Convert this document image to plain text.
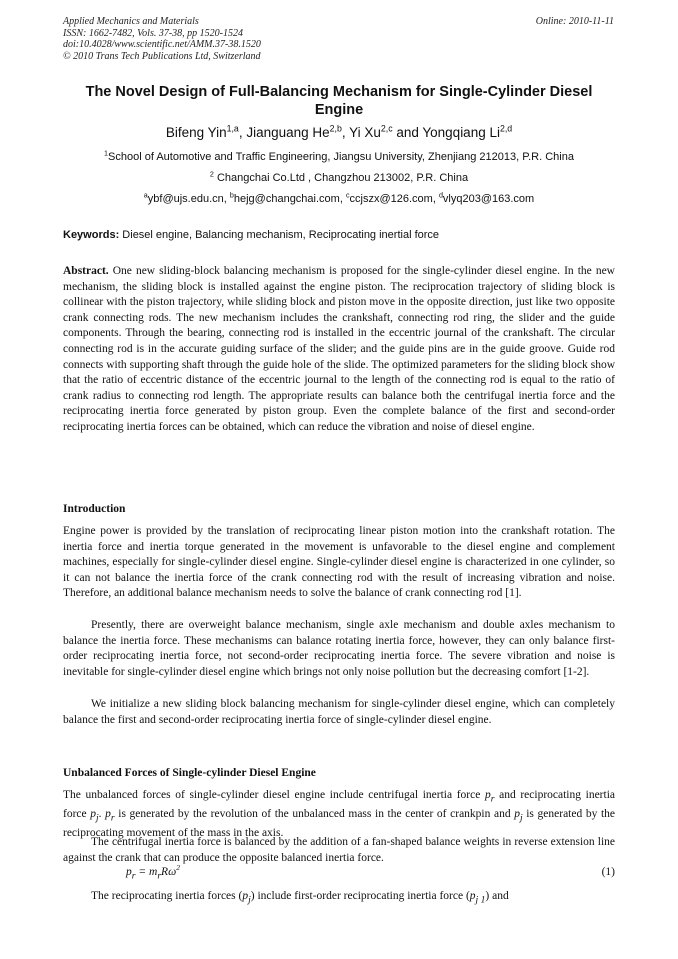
Applied Mechanics and Materials
ISSN: 1662-7482, Vols. 37-38, pp 1520-1524
doi:10.4028/www.scientific.net/AMM.37-38.1520
© 2010 Trans Tech Publications Ltd, Switzerland
Online: 2010-11-11
The Novel Design of Full-Balancing Mechanism for Single-Cylinder Diesel Engine
Bifeng Yin$^{1,a}$, Jianguang He$^{2,b}$, Yi Xu$^{2,c}$ and Yongqiang Li$^{2,d}$
$^1$School of Automotive and Traffic Engineering, Jiangsu University, Zhenjiang 212013, P.R. China
$^2$ Changchai Co.Ltd , Changzhou 213002, P.R. China
$^a$ybf@ujs.edu.cn, $^b$hejg@changchai.com, $^c$ccjszx@126.com, $^d$vlyq203@163.com
Keywords: Diesel engine, Balancing mechanism, Reciprocating inertial force
Abstract. One new sliding-block balancing mechanism is proposed for the single-cylinder diesel engine. In the new mechanism, the sliding block is installed against the engine piston. The reciprocation trajectory of sliding block is collinear with the piston trajectory, while sliding block and piston move in the opposite direction, just like two opposite crank connecting rods. The new mechanism includes the crankshaft, connecting rod ring, the slider and the guide components. Through the bearing, connecting rod is installed in the eccentric journal of the crankshaft. The circular connecting rod is in the accurate guiding surface of the slider; and the guide pins are in the guide groove. Guide rod connects with supporting shaft through the guide hole of the slide. The optimized parameters for the sliding block show that the ratio of eccentric distance of the eccentric journal to the length of the connecting rod is equal to the ratio of crank radius to connecting rod length. The appropriate results can balance both the centrifugal inertia force and the reciprocating inertia force generated by piston group. Even the complete balance of the first and second-order reciprocating inertia forces can be obtained, which can reduce the vibration and noise of diesel engine.
Introduction
Engine power is provided by the translation of reciprocating linear piston motion into the crankshaft rotation. The inertia force and inertia torque generated in the movement is unfavorable to the diesel engine and complement machines, especially for single-cylinder diesel engine. Single-cylinder diesel engine is characterized in one cylinder, so it can not balance the inertia force of the crank connecting rod with the result of increasing vibration and noise. Therefore, an additional balance mechanism needs to solve the balance of crank connecting rod [1].
Presently, there are overweight balance mechanism, single axle mechanism and double axles mechanism to balance the inertia force. These mechanisms can balance rotating inertia force, however, they can only balance first-order reciprocating inertia force, not second-order reciprocating inertia force. The severe vibration and noise is inevitable for single-cylinder diesel engine which brings not only noise pollution but the decreasing comfort [1-2].
We initialize a new sliding block balancing mechanism for single-cylinder diesel engine, which can completely balance the first and second-order reciprocating inertia force of single-cylinder diesel engine.
Unbalanced Forces of Single-cylinder Diesel Engine
The unbalanced forces of single-cylinder diesel engine include centrifugal inertia force $p_r$ and reciprocating inertia force $p_j$. $p_r$ is generated by the revolution of the unbalanced mass in the center of crankpin and $p_j$ is generated by the reciprocating movement of the mass in the axis.
The centrifugal inertia force is balanced by the addition of a fan-shaped balance weights in reverse extension line against the crank that can produce the opposite balanced inertia force.
$p_r = m_rR\omega^2$	(1)
The reciprocating inertia forces $(p_j)$ include first-order reciprocating inertia force $(p_{j 1})$ and
